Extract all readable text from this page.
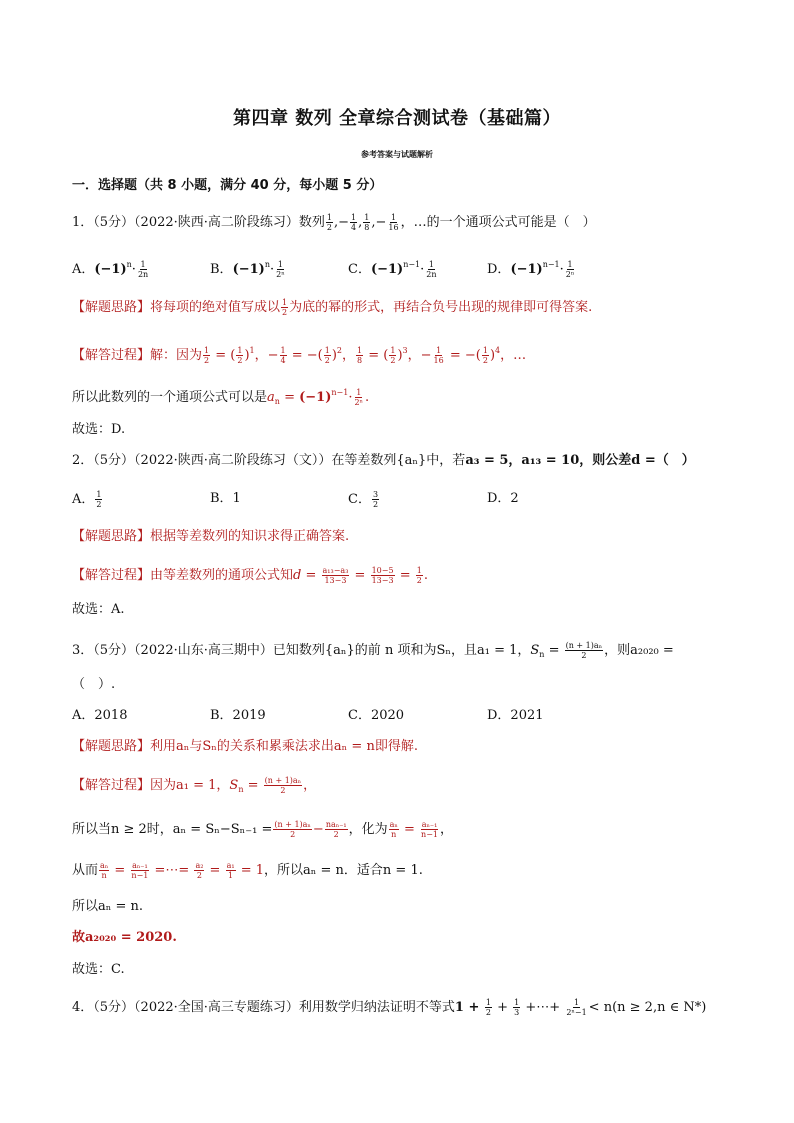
第四章 数列 全章综合测试卷（基础篇）
参考答案与试题解析
一．选择题（共 8 小题，满分 40 分，每小题 5 分）
1．（5分）（2022·陕西·高二阶段练习）数列 $\frac{1}{2}$ ,− $\frac{1}{4}$ , $\frac{1}{8}$ ,− $\frac{1}{16}$ ，…的一个通项公式可能是（　）
A．$(-1)^n\cdot \frac{1}{2n}$	B．$(-1)^n\cdot \frac{1}{\text{2ⁿ}}$	C．$(-1)^{n-1}\cdot \frac{1}{2n}$	D．$(-1)^{n-1}\cdot \frac{1}{\text{2ⁿ}}$
【解题思路】将每项的绝对值写成以 $\frac{1}{2}$ 为底的幂的形式，再结合负号出现的规律即可得答案.
【解答过程】解：因为 $\frac{1}{2}$ = ( $\frac{1}{2} )^1$，− $\frac{1}{4}$ = −( $\frac{1}{2} )^2$， $\frac{1}{8}$ = ( $\frac{1}{2} )^3$，− $\frac{1}{16}$ = −( $\frac{1}{2} )^4$，…
所以此数列的一个通项公式可以是$a_n = (-1)^{n-1}\cdot \frac{1}{\text{2ⁿ}}$ .
故选：D.
2．（5分）（2022·陕西·高二阶段练习（文））在等差数列{aₙ}中，若a₃ = 5，a₁₃ = 10，则公差d =（　）
A． $\frac{1}{2}$	B．1	C． $\frac{3}{2}$	D．2
【解题思路】根据等差数列的知识求得正确答案.
【解答过程】由等差数列的通项公式知$d = \frac{\text{a₁₃−a₃}}{13-3} = \frac{10-5}{13-3} = \frac{1}{2}$ .
故选：A.
3．（5分）（2022·山东·高三期中）已知数列{aₙ}的前 n 项和为Sₙ，且a₁ = 1，$S_n = \frac{\text{(n + 1)aₙ}}{2}$ ，则a₂₀₂₀ =
（　）.
A．2018	B．2019	C．2020	D．2021
【解题思路】利用aₙ与Sₙ的关系和累乘法求出aₙ = n即得解.
【解答过程】因为a₁ = 1，$S_n = \frac{\text{(n + 1)aₙ}}{2}$ ，
所以当n ≥ 2时，$a_n = S_n-S_{n-1} = \frac{\text{(n + 1)aₙ}}{2} - \frac{\text{naₙ₋₁}}{2}$ ，化为 $\frac{\text{aₙ}}{n} = \frac{\text{aₙ₋₁}}{n-1}$ ，
从而 $\frac{\text{aₙ}}{n} = \frac{\text{aₙ₋₁}}{n-1}$ =⋯= $\frac{\text{a₂}}{2} = \frac{\text{a₁}}{1} = 1$，所以aₙ = n．适合n = 1.
所以aₙ = n.
故a₂₀₂₀ = 2020.
故选：C.
4．（5分）（2022·全国·高三专题练习）利用数学归纳法证明不等式$1 + \frac{1}{2} + \frac{1}{3}$ +⋯+ $\frac{1}{\text{2ⁿ−1}} < n(n \ge 2,n$ ∈ N*)
